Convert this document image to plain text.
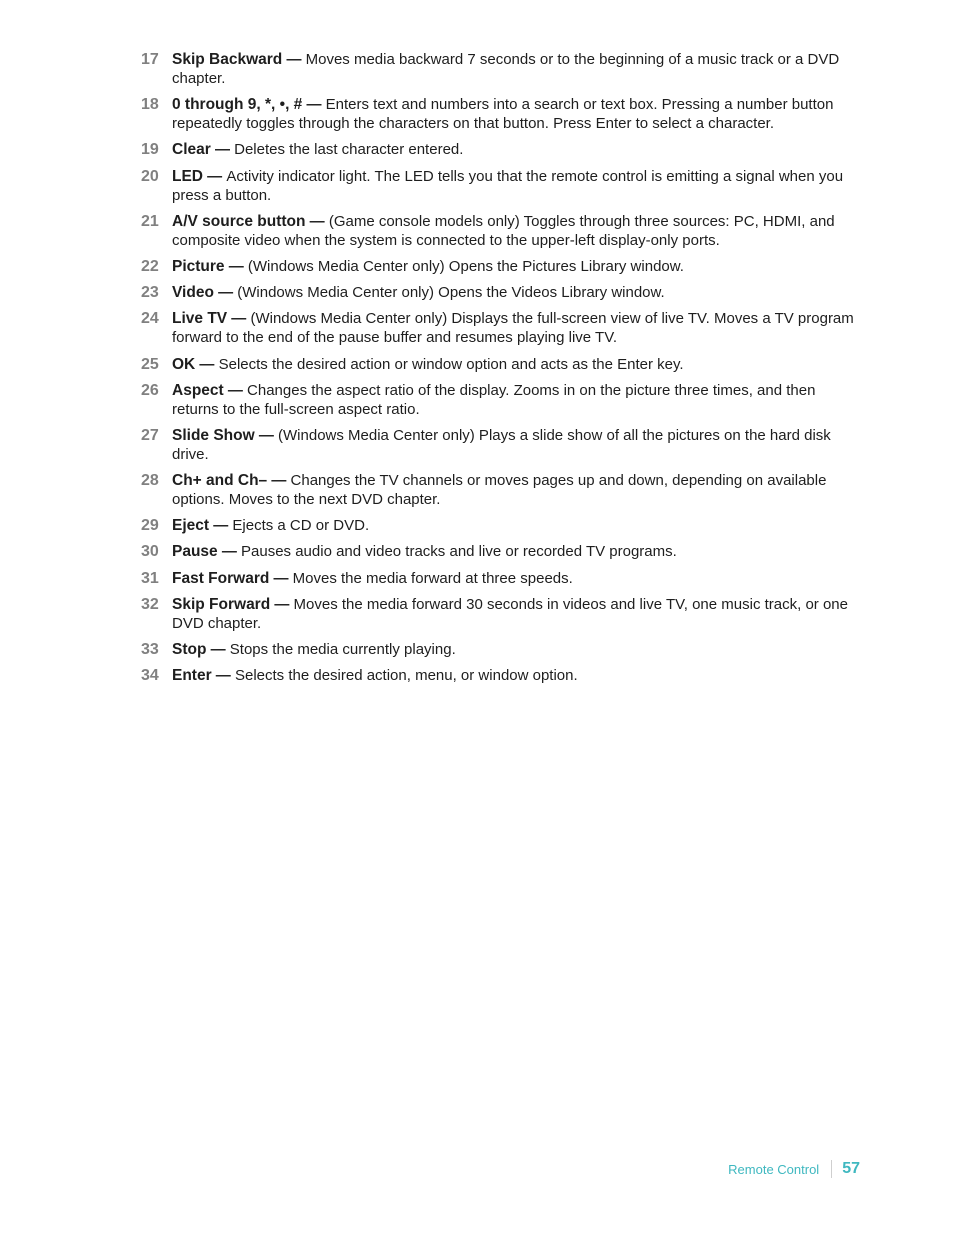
17 Skip Backward — Moves media backward 7 seconds or to the beginning of a music track or a DVD chapter.
18 0 through 9, *, •, # — Enters text and numbers into a search or text box. Pressing a number button repeatedly toggles through the characters on that button. Press Enter to select a character.
19 Clear — Deletes the last character entered.
20 LED — Activity indicator light. The LED tells you that the remote control is emitting a signal when you press a button.
21 A/V source button — (Game console models only) Toggles through three sources: PC, HDMI, and composite video when the system is connected to the upper-left display-only ports.
22 Picture — (Windows Media Center only) Opens the Pictures Library window.
23 Video — (Windows Media Center only) Opens the Videos Library window.
24 Live TV — (Windows Media Center only) Displays the full-screen view of live TV. Moves a TV program forward to the end of the pause buffer and resumes playing live TV.
25 OK — Selects the desired action or window option and acts as the Enter key.
26 Aspect — Changes the aspect ratio of the display. Zooms in on the picture three times, and then returns to the full-screen aspect ratio.
27 Slide Show — (Windows Media Center only) Plays a slide show of all the pictures on the hard disk drive.
28 Ch+ and Ch– — Changes the TV channels or moves pages up and down, depending on available options. Moves to the next DVD chapter.
29 Eject — Ejects a CD or DVD.
30 Pause — Pauses audio and video tracks and live or recorded TV programs.
31 Fast Forward — Moves the media forward at three speeds.
32 Skip Forward — Moves the media forward 30 seconds in videos and live TV, one music track, or one DVD chapter.
33 Stop — Stops the media currently playing.
34 Enter — Selects the desired action, menu, or window option.
Remote Control 57
